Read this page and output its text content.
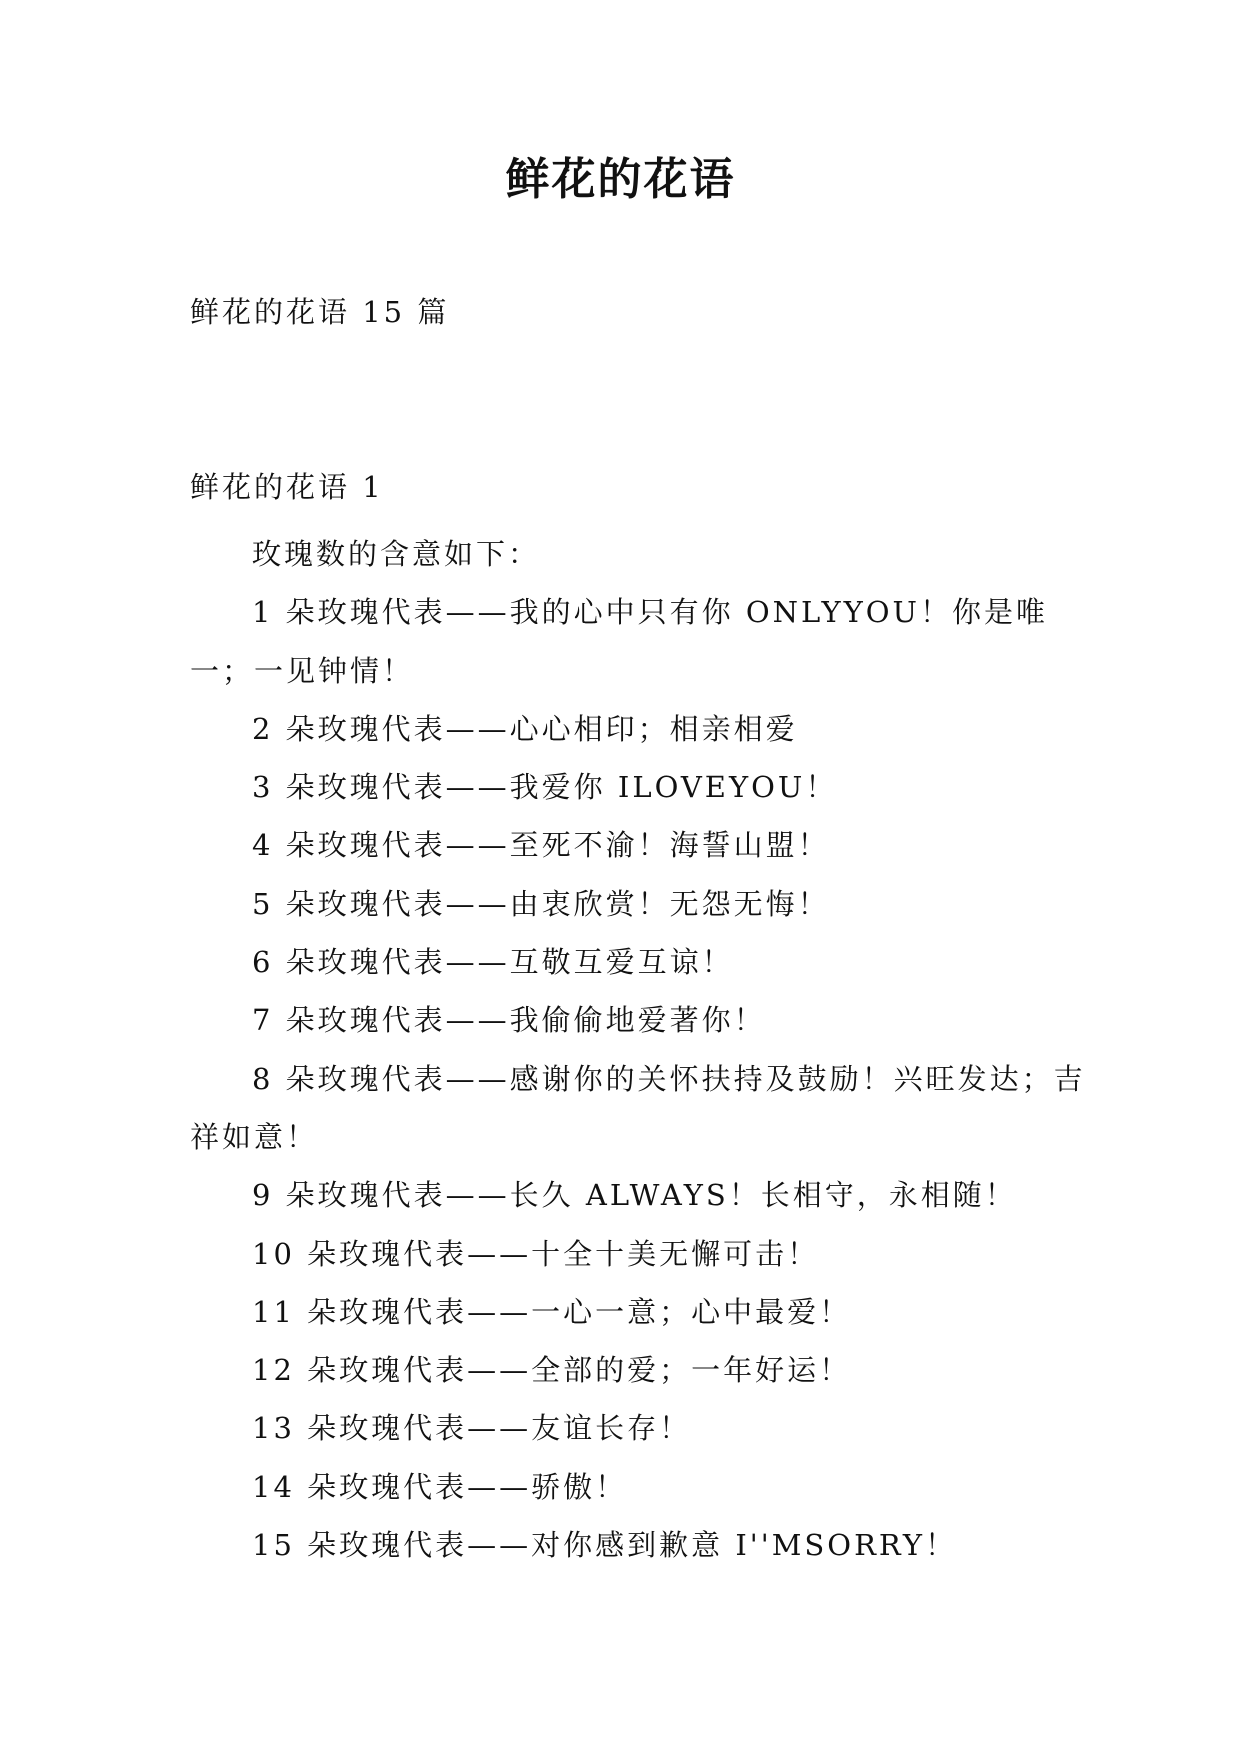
鲜花的花语

鲜花的花语 15 篇

鲜花的花语 1

玫瑰数的含意如下：

1 朵玫瑰代表——我的心中只有你 ONLYYOU！你是唯一；一见钟情！

2 朵玫瑰代表——心心相印；相亲相爱

3 朵玫瑰代表——我爱你 ILOVEYOU！

4 朵玫瑰代表——至死不渝！海誓山盟！

5 朵玫瑰代表——由衷欣赏！无怨无悔！

6 朵玫瑰代表——互敬互爱互谅！

7 朵玫瑰代表——我偷偷地爱著你！

8 朵玫瑰代表——感谢你的关怀扶持及鼓励！兴旺发达；吉祥如意！

9 朵玫瑰代表——长久 ALWAYS！长相守，永相随！

10 朵玫瑰代表——十全十美无懈可击！

11 朵玫瑰代表——一心一意；心中最爱！

12 朵玫瑰代表——全部的爱；一年好运！

13 朵玫瑰代表——友谊长存！

14 朵玫瑰代表——骄傲！

15 朵玫瑰代表——对你感到歉意 I''MSORRY！
